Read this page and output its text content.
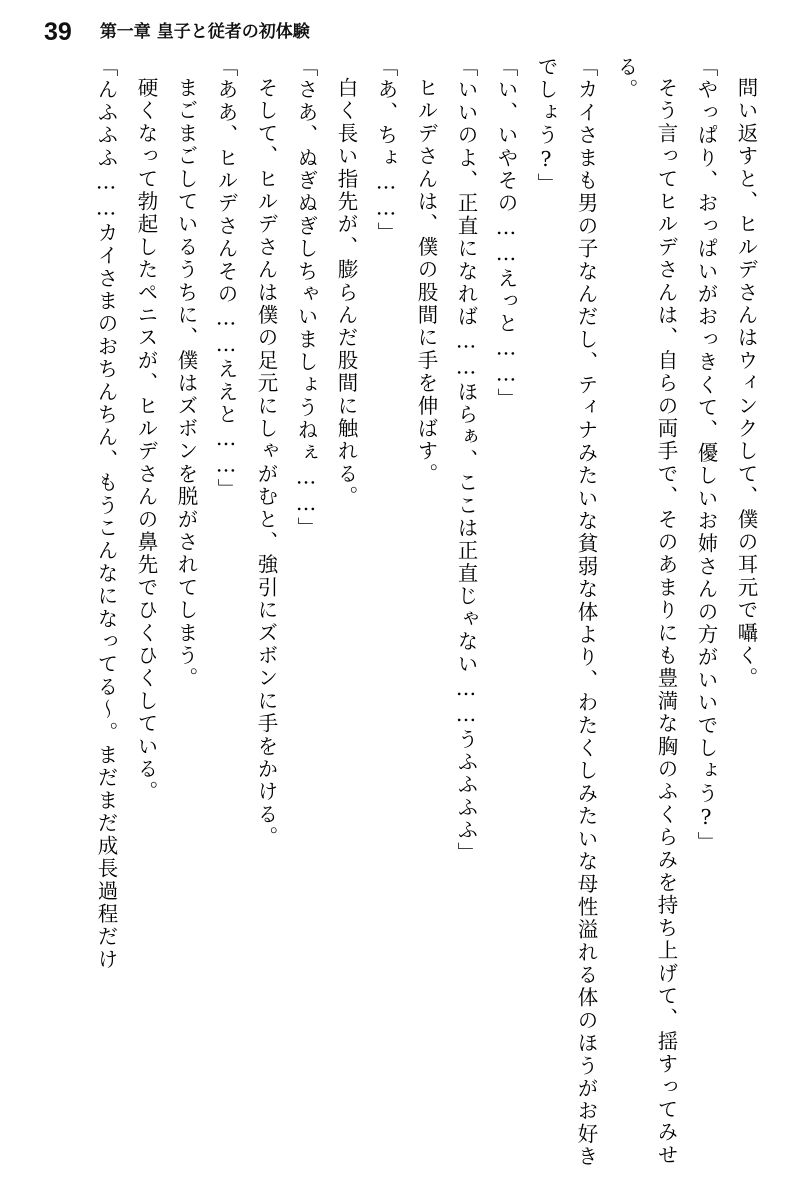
39 第一章 皇子と従者の初体験

問い返すと、ヒルデさんはウィンクして、僕の耳元で囁く。

「やっぱり、おっぱいがおっきくて、優しいお姉さんの方がいいでしょう?」

そう言ってヒルデさんは、自らの両手で、そのあまりにも豊満な胸のふくらみを持ち上げて、揺すってみせる。

「カイさまも男の子なんだし、ティナみたいな貧弱な体より、わたくしみたいな母性溢れる体のほうがお好きでしょう?」

「い、いやその……えっと……」

「いいのよ、正直になれば……ほらぁ、ここは正直じゃない……うふふふふ」

ヒルデさんは、僕の股間に手を伸ばす。

「あ、ちょ……」

白く長い指先が、膨らんだ股間に触れる。

「さあ、ぬぎぬぎしちゃいましょうねぇ……」

そして、ヒルデさんは僕の足元にしゃがむと、強引にズボンに手をかける。

「ああ、ヒルデさんその……ええと……」

まごまごしているうちに、僕はズボンを脱がされてしまう。

硬くなって勃起したペニスが、ヒルデさんの鼻先でひくひくしている。

「んふふふ……カイさまのおちんちん、もうこんなになってる〜。まだまだ成長過程だけ
